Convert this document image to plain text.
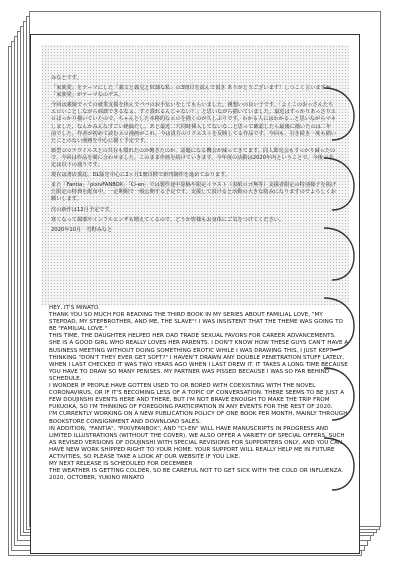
みなとです。

「家族愛」をテーマにした「義父と義兄と奴隷な私」の3冊目を読んで頂き ありがとうございます！しつこく言いますが「家族愛」がテーマなのデス。

今回は義娘でっての就業支援を挟んでパパのお手伝いをしてもらいました。親想いの良い子です。「よくこのおっさんたちエロいことしながら商談できるなぁ、すぐ潰れるんじゃない？」と思いながら描いていました。最近はすっかりあっさりエロばっかり描いていたので、ちゃんとした本格的なエロを描くのが久しぶりです。わかる人にはわかる…と思いながらマネしました。なんかみんなすごい絶倫だし。あと最近二穴同時挿入してないな…と思って確認したら最後に描いたのは二年前でした。作者が初めて読むエロ漫画がこれ。今は貴方のリクエストを反映してる作品です。今回も、引き続き一度も描いたことのない漫画を中心に描く予定です。

新型コロナウイルスとの共存も慣れたのか飽きたのか、話題になる機会が減ってきてます。同人即売会もすっかり減ったので、今回は作品を間に合わせました。このまま作画を続けていきます。今年度の活動は2020年内ということで。今後の予定は以下の通りです。

現在は書店委託、DL版を中心に2ヶ月1冊目標で新刊制作を進めております。

また「Fantia」「pixivFANBOX」「Ci-en」では製作途中原稿や限定イラスト（表紙ロゴ無等）支援者限定の特別様子を掲げた限定の特典を配布中。一定期間で一般公開する予定です。支援して頂けると活動の大きな励みになりますのでよろしくお願いします。

次の新作は12月予定です。

寒くなって風邪やインフルエンザも増えてくるので、どうか皆様もお身体にご気をつけてください。

2020年10月　雪野みなと

HEY, IT'S MINATO.

THANK YOU SO MUCH FOR READING THE THIRD BOOK IN MY SERIES ABOUT FAMILIAL LOVE, "MY STEPDAD, MY STEPBROTHER, AND ME, THE SLAVE"! I WAS INSISTENT THAT THE THEME WAS GOING TO BE "FAMILIAL LOVE."

THIS TIME, THE DAUGHTER HELPED HER DAD TRADE SEXUAL FAVORS FOR CAREER ADVANCEMENTS. SHE IS A GOOD GIRL WHO REALLY LOVES HER PARENTS. I DON'T KNOW HOW THESE GUYS CAN'T HAVE A BUSINESS MEETING WITHOUT DOING SOMETHING EROTIC WHILE I WAS DRAWING THIS, I JUST KEPT THINKING "DON'T THEY EVER GET SOFT?" I HAVEN'T DRAWN ANY DOUBLE PENETRATION STUFF LATELY, WHEN I LAST CHECKED IT WAS TWO YEARS AGO WHEN I LAST DREW IT. IT TAKES A LONG TIME BECAUSE YOU HAVE TO DRAW SO MANY PENISES. MY PARTNER WAS PISSED BECAUSE I WAS SO FAR BEHIND SCHEDULE.

I WONDER IF PEOPLE HAVE GOTTEN USED TO OR BORED WITH COEXISTING WITH THE NOVEL CORONAVIRUS, OR IF IT'S BECOMING LESS OF A TOPIC OF CONVERSATION. THERE SEEMS TO BE JUST A FEW DOUJINSHI EVENTS HERE AND THERE, BUT I'M NOT BRAVE ENOUGH TO MAKE THE TRIP FROM FUKUOKA, SO I'M THINKING OF FOREGOING PARTICIPATION IN ANY EVENTS FOR THE REST OF 2020.

I'M CURRENTLY WORKING ON A NEW PUBLICATION POLICY OF ONE BOOK PER MONTH, MAINLY THROUGH BOOKSTORE CONSIGNMENT AND DOWNLOAD SALES.

IN ADDITION, "FANTIA", "PIXIVFANBOX", AND "CI-EN" WILL HAVE MANUSCRIPTS IN PROGRESS AND LIMITED ILLUSTRATIONS (WITHOUT THE COVER). WE ALSO OFFER A VARIETY OF SPECIAL OFFERS, SUCH AS REVISED VERSIONS OF DOUJINSHI WITH SPECIAL REVISIONS FOR SUPPORTERS ONLY, AND YOU CAN HAVE NEW WORK SHIPPED RIGHT TO YOUR HOME. YOUR SUPPORT WILL REALLY HELP ME IN FUTURE ACTIVITIES, SO PLEASE TAKE A LOOK AT OUR WEBSITE IF YOU LIKE.

MY NEXT RELEASE IS SCHEDULED FOR DECEMBER

THE WEATHER IS GETTING COLDER, SO BE CAREFUL NOT TO GET SICK WITH THE COLD OR INFLUENZA.

2020, OCTOBER, YUKINO MINATO
